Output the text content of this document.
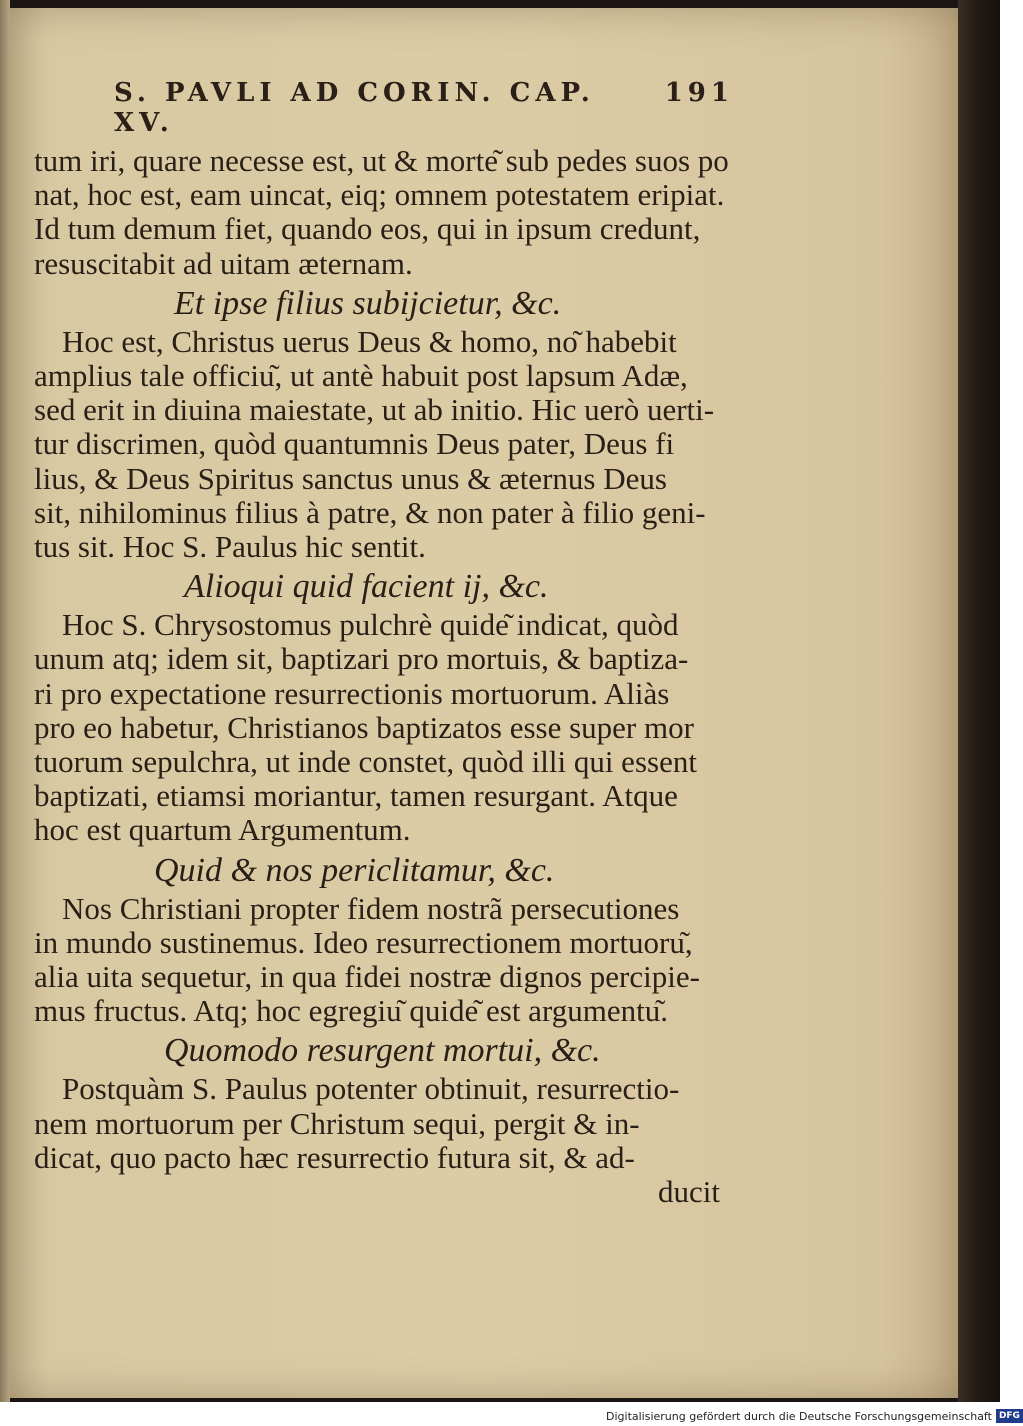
S. PAVLI AD CORIN. CAP. XV.
191

tum iri, quare necesse est, ut & morte͂ sub pedes suos po

nat, hoc est, eam uincat, eiq; omnem potestatem eripiat.

Id tum demum fiet, quando eos, qui in ipsum credunt,

resuscitabit ad uitam æternam.

Et ipse filius subijcietur, &c.

Hoc est, Christus uerus Deus & homo, no͂ habebit

amplius tale officiu͂, ut antè habuit post lapsum Adæ,

sed erit in diuina maiestate, ut ab initio. Hic uerò uerti-

tur discrimen, quòd quantumnis Deus pater, Deus fi

lius, & Deus Spiritus sanctus unus & æternus Deus

sit, nihilominus filius à patre, & non pater à filio geni-

tus sit. Hoc S. Paulus hic sentit.

Alioqui quid facient ij, &c.

Hoc S. Chrysostomus pulchrè quide͂ indicat, quòd

unum atq; idem sit, baptizari pro mortuis, & baptiza-

ri pro expectatione resurrectionis mortuorum. Aliàs

pro eo habetur, Christianos baptizatos esse super mor

tuorum sepulchra, ut inde constet, quòd illi qui essent

baptizati, etiamsi moriantur, tamen resurgant. Atque

hoc est quartum Argumentum.

Quid & nos periclitamur, &c.

Nos Christiani propter fidem nostrã persecutiones

in mundo sustinemus. Ideo resurrectionem mortuoru͂,

alia uita sequetur, in qua fidei nostræ dignos percipie-

mus fructus. Atq; hoc egregiu͂ quide͂ est argumentu͂.

Quomodo resurgent mortui, &c.

Postquàm S. Paulus potenter obtinuit, resurrectio-

nem mortuorum per Christum sequi, pergit & in-

dicat, quo pacto hæc resurrectio futura sit, & ad-

ducit

Digitalisierung gefördert durch die Deutsche Forschungsgemeinschaft DFG
